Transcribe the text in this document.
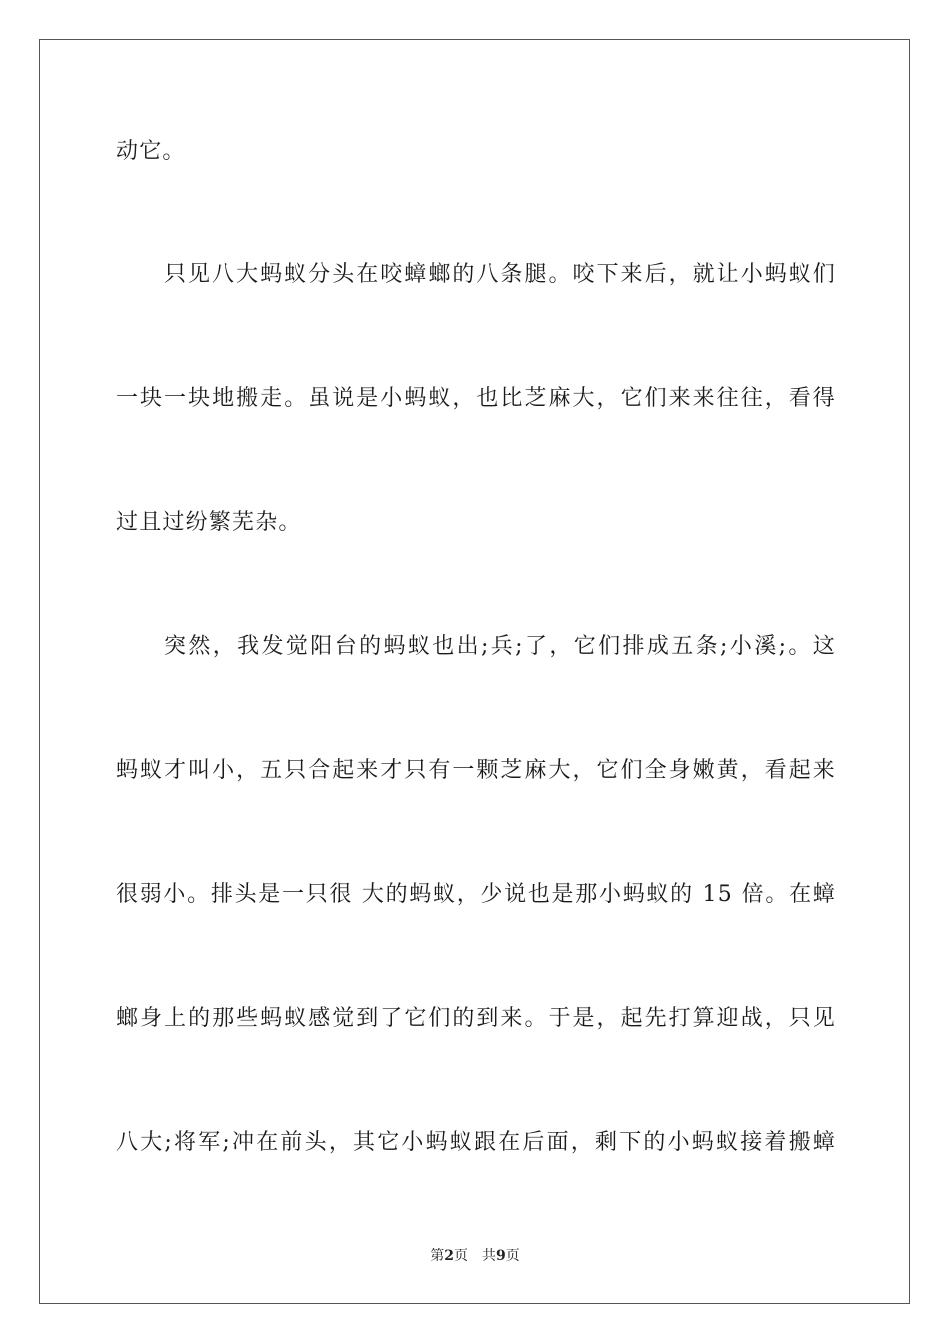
动它。
只见八大蚂蚁分头在咬蟑螂的八条腿。咬下来后，就让小蚂蚁们
一块一块地搬走。虽说是小蚂蚁，也比芝麻大，它们来来往往，看得
过且过纷繁芜杂。
突然，我发觉阳台的蚂蚁也出;兵;了，它们排成五条;小溪;。这
蚂蚁才叫小，五只合起来才只有一颗芝麻大，它们全身嫩黄，看起来
很弱小。排头是一只很 大的蚂蚁，少说也是那小蚂蚁的 15 倍。在蟑
螂身上的那些蚂蚁感觉到了它们的到来。于是，起先打算迎战，只见
八大;将军;冲在前头，其它小蚂蚁跟在后面，剩下的小蚂蚁接着搬蟑
第2页 共9页
